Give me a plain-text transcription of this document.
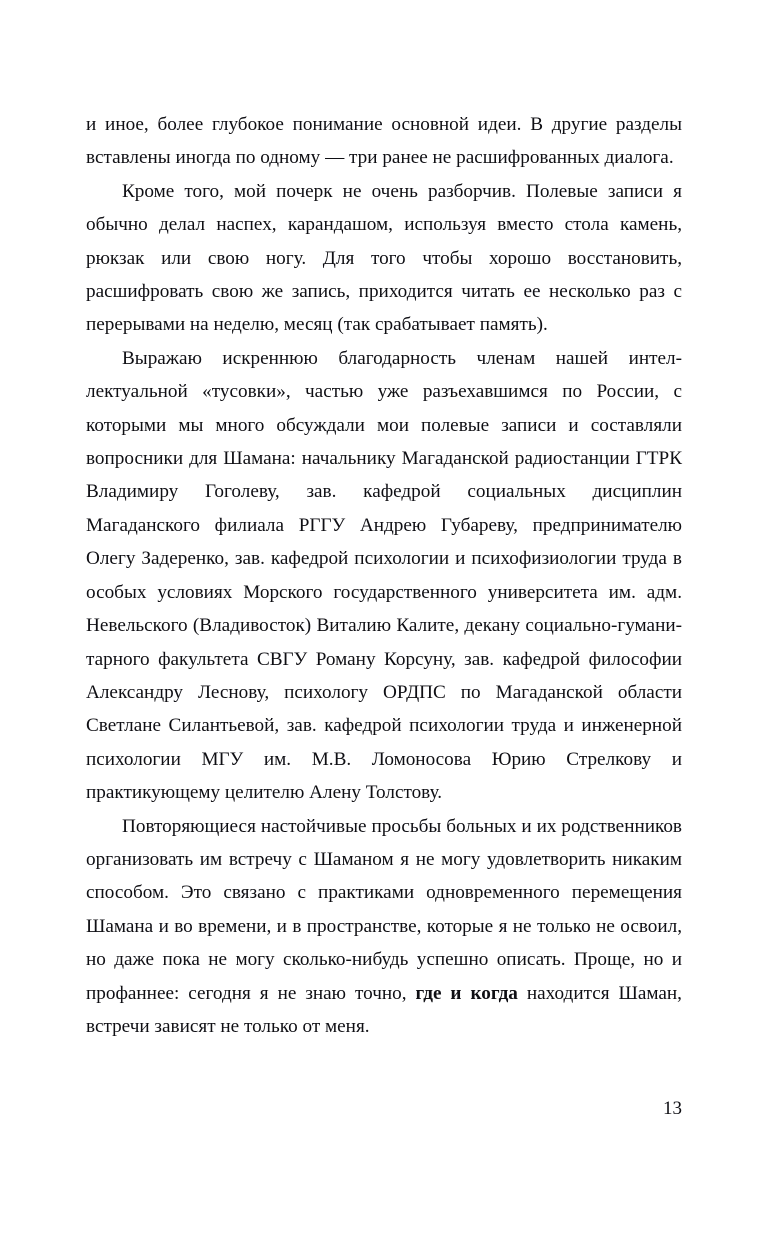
и иное, более глубокое понимание основной идеи. В другие разделы вставлены иногда по одному — три ранее не расшифрованных диалога.

Кроме того, мой почерк не очень разборчив. Полевые записи я обычно делал наспех, карандашом, используя вместо стола камень, рюкзак или свою ногу. Для того чтобы хорошо восстановить, расшифровать свою же запись, приходится читать ее несколько раз с перерывами на неделю, месяц (так срабатывает память).

Выражаю искреннюю благодарность членам нашей интеллектуальной «тусовки», частью уже разъехавшимся по России, с которыми мы много обсуждали мои полевые записи и составляли вопросники для Шамана: начальнику Магаданской радиостанции ГТРК Владимиру Гоголеву, зав. кафедрой социальных дисциплин Магаданского филиала РГГУ Андрею Губареву, предпринимателю Олегу Задеренко, зав. кафедрой психологии и психофизиологии труда в особых условиях Морского государственного университета им. адм. Невельского (Владивосток) Виталию Калите, декану социально-гуманитарного факультета СВГУ Роману Корсуну, зав. кафедрой философии Александру Леснову, психологу ОРДПС по Магаданской области Светлане Силантьевой, зав. кафедрой психологии труда и инженерной психологии МГУ им. М.В. Ломоносова Юрию Стрелкову и практикующему целителю Алену Толстову.

Повторяющиеся настойчивые просьбы больных и их родственников организовать им встречу с Шаманом я не могу удовлетворить никаким способом. Это связано с практиками одновременного перемещения Шамана и во времени, и в пространстве, которые я не только не освоил, но даже пока не могу сколько-нибудь успешно описать. Проще, но и профаннее: сегодня я не знаю точно, где и когда находится Шаман, встречи зависят не только от меня.

13
